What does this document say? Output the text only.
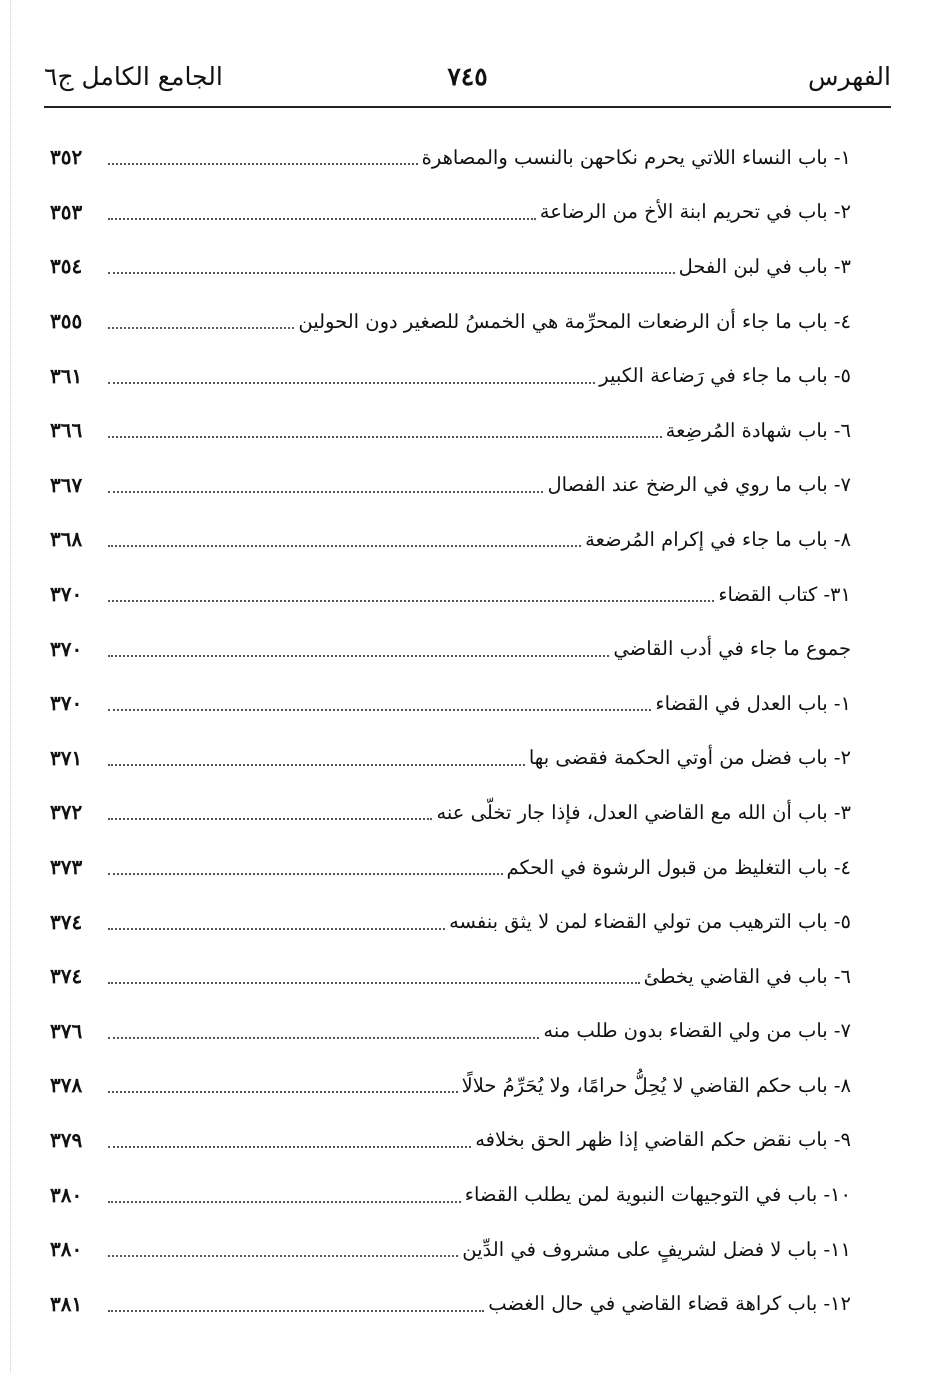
الفهرس
٧٤٥
الجامع الكامل ج٦
١- باب النساء اللاتي يحرم نكاحهن بالنسب والمصاهرة
٣٥٢
٢- باب في تحريم ابنة الأخ من الرضاعة
٣٥٣
٣- باب في لبن الفحل
٣٥٤
٤- باب ما جاء أن الرضعات المحرِّمة هي الخمسُ للصغير دون الحولين
٣٥٥
٥- باب ما جاء في رَضاعة الكبير
٣٦١
٦- باب شهادة المُرضِعة
٣٦٦
٧- باب ما روي في الرضخ عند الفصال
٣٦٧
٨- باب ما جاء في إكرام المُرضعة
٣٦٨
٣١- كتاب القضاء
٣٧٠
جموع ما جاء في أدب القاضي
٣٧٠
١- باب العدل في القضاء
٣٧٠
٢- باب فضل من أوتي الحكمة فقضى بها
٣٧١
٣- باب أن الله مع القاضي العدل، فإذا جار تخلّى عنه
٣٧٢
٤- باب التغليظ من قبول الرشوة في الحكم
٣٧٣
٥- باب الترهيب من تولي القضاء لمن لا يثق بنفسه
٣٧٤
٦- باب في القاضي يخطئ
٣٧٤
٧- باب من ولي القضاء بدون طلب منه
٣٧٦
٨- باب حكم القاضي لا يُحِلُّ حرامًا، ولا يُحَرِّمُ حلالًا
٣٧٨
٩- باب نقض حكم القاضي إذا ظهر الحق بخلافه
٣٧٩
١٠- باب في التوجيهات النبوية لمن يطلب القضاء
٣٨٠
١١- باب لا فضل لشريفٍ على مشروف في الدِّين
٣٨٠
١٢- باب كراهة قضاء القاضي في حال الغضب
٣٨١
